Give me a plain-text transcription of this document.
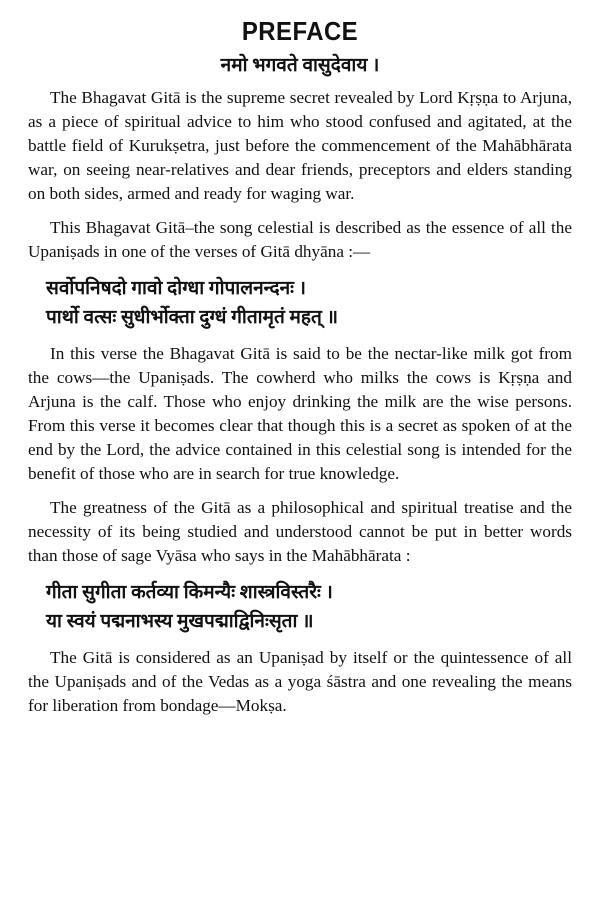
PREFACE
नमो भगवते वासुदेवाय ।

The Bhagavat Gitā is the supreme secret revealed by Lord Kṛṣṇa to Arjuna, as a piece of spiritual advice to him who stood confused and agitated, at the battle field of Kurukṣetra, just before the commencement of the Mahābhārata war, on seeing near-relatives and dear friends, preceptors and elders standing on both sides, armed and ready for waging war.

This Bhagavat Gitā–the song celestial is described as the essence of all the Upaniṣads in one of the verses of Gitā dhyāna :—

सर्वोपनिषदो गावो दोग्धा गोपालनन्दनः ।
पार्थो वत्सः सुधीर्भोक्ता दुग्धं गीतामृतं महत् ॥

In this verse the Bhagavat Gitā is said to be the nectar-like milk got from the cows—the Upaniṣads. The cowherd who milks the cows is Kṛṣṇa and Arjuna is the calf. Those who enjoy drinking the milk are the wise persons. From this verse it becomes clear that though this is a secret as spoken of at the end by the Lord, the advice contained in this celestial song is intended for the benefit of those who are in search for true knowledge.

The greatness of the Gitā as a philosophical and spiritual treatise and the necessity of its being studied and understood cannot be put in better words than those of sage Vyāsa who says in the Mahābhārata :

गीता सुगीता कर्तव्या किमन्यैः शास्त्रविस्तरैः ।
या स्वयं पद्मनाभस्य मुखपद्माद्विनिःसृता ॥

The Gitā is considered as an Upaniṣad by itself or the quintessence of all the Upaniṣads and of the Vedas as a yoga śāstra and one revealing the means for liberation from bondage—Mokṣa.
